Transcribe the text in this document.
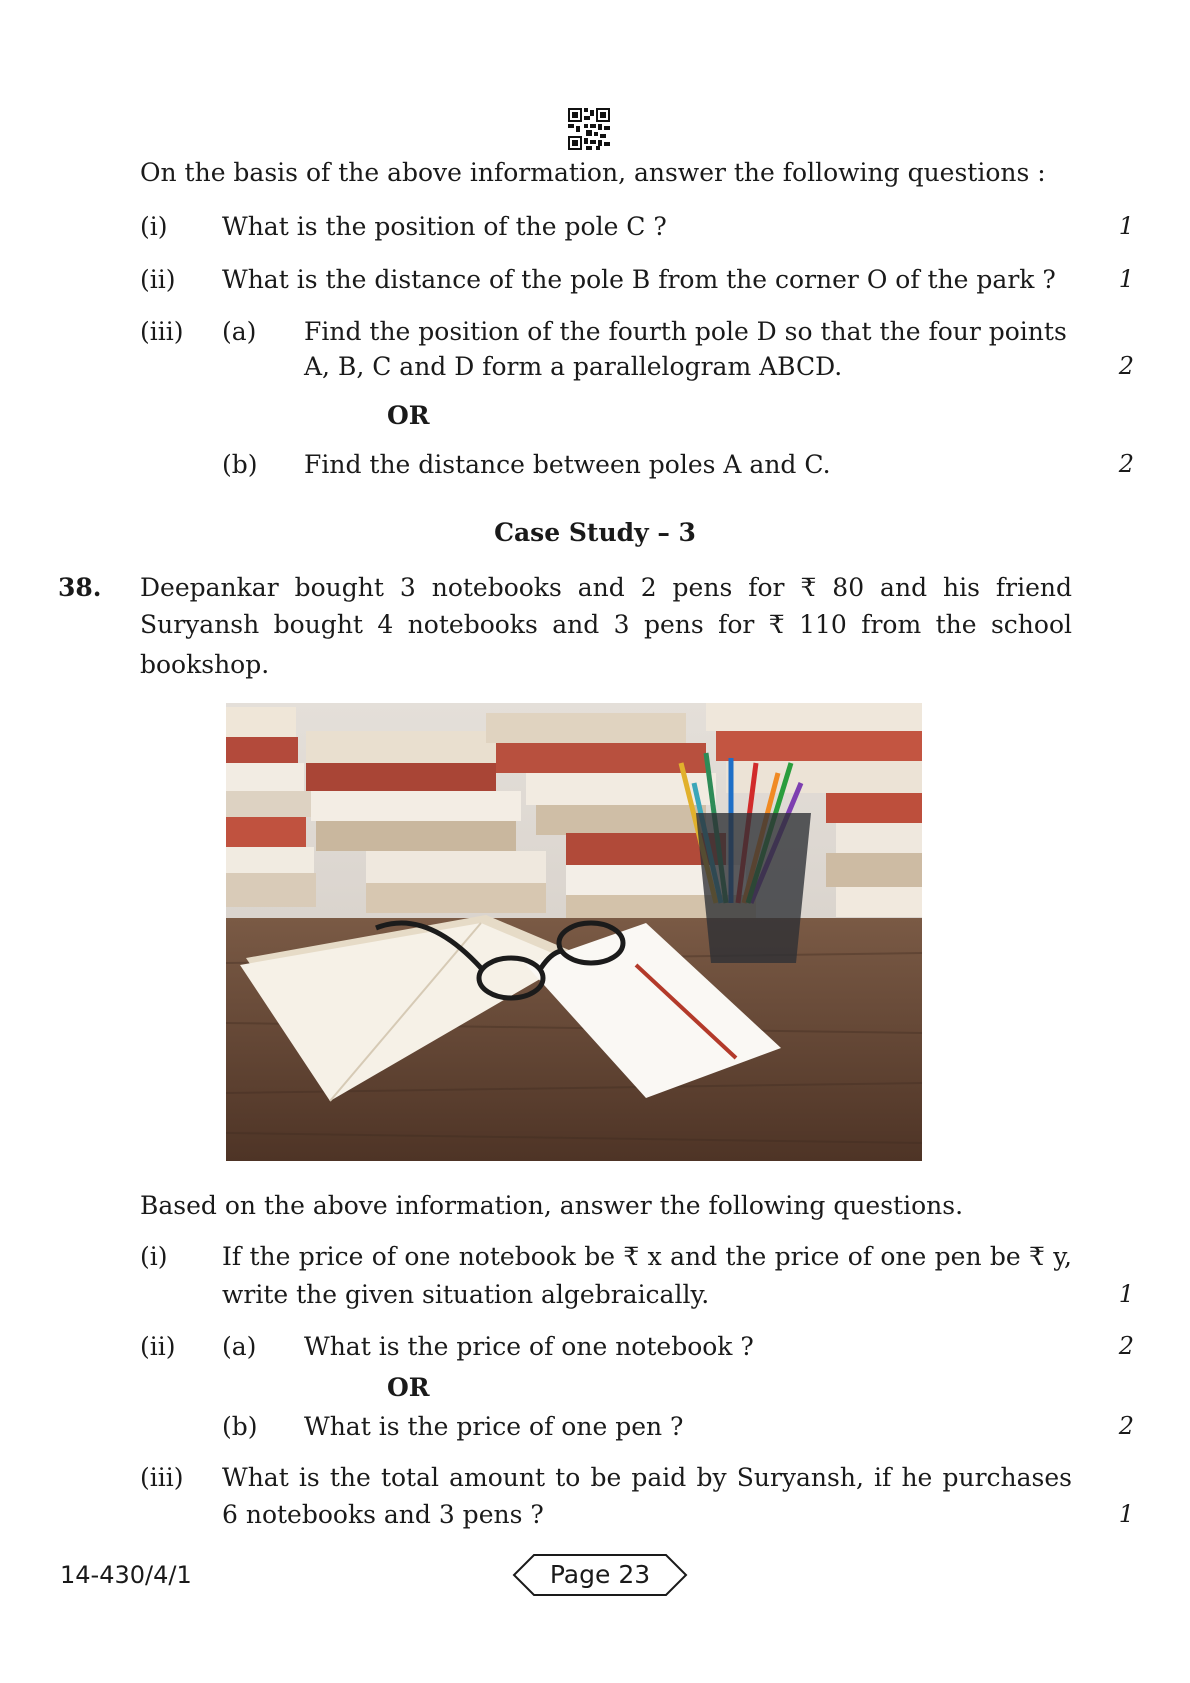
On the basis of the above information, answer the following questions :
(i) What is the position of the pole C ?	1
(ii) What is the distance of the pole B from the corner O of the park ?	1
(iii) (a) Find the position of the fourth pole D so that the four points
A, B, C and D form a parallelogram ABCD.	2
OR
(b) Find the distance between poles A and C.	2
Case Study – 3
38. Deepankar bought 3 notebooks and 2 pens for ₹ 80 and his friend
Suryansh bought 4 notebooks and 3 pens for ₹ 110 from the school
bookshop.
Based on the above information, answer the following questions.
(i) If the price of one notebook be ₹ x and the price of one pen be ₹ y,
write the given situation algebraically.	1
(ii) (a) What is the price of one notebook ?	2
OR
(b) What is the price of one pen ?	2
(iii) What is the total amount to be paid by Suryansh, if he purchases
6 notebooks and 3 pens ?	1
14-430/4/1	Page 23
